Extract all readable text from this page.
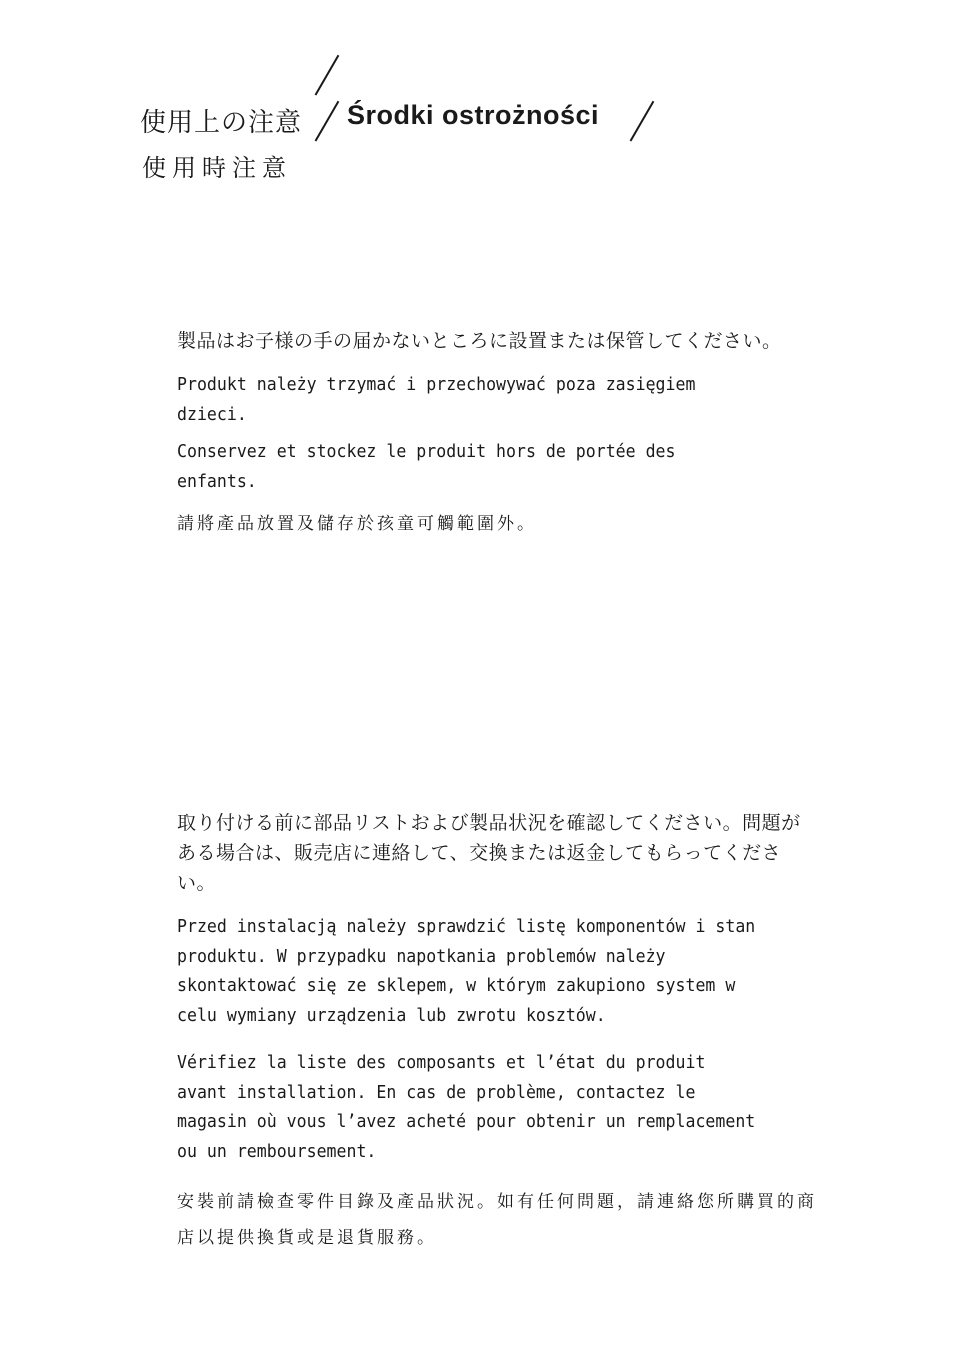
使用上の注意 Środki ostrożności
使用時注意

製品はお子様の手の届かないところに設置または保管してください。

Produkt należy trzymać i przechowywać poza zasięgiem
dzieci.

Conservez et stockez le produit hors de portée des
enfants.

請將產品放置及儲存於孩童可觸範圍外。

取り付ける前に部品リストおよび製品状況を確認してください。問題がある場合は、販売店に連絡して、交換または返金してもらってください。

Przed instalacją należy sprawdzić listę komponentów i stan
produktu. W przypadku napotkania problemów należy
skontaktować się ze sklepem, w którym zakupiono system w
celu wymiany urządzenia lub zwrotu kosztów.

Vérifiez la liste des composants et l’état du produit
avant installation. En cas de problème, contactez le
magasin où vous l’avez acheté pour obtenir un remplacement
ou un remboursement.

安裝前請檢查零件目錄及產品狀況。如有任何問題，請連絡您所購買的商店以提供換貨或是退貨服務。
